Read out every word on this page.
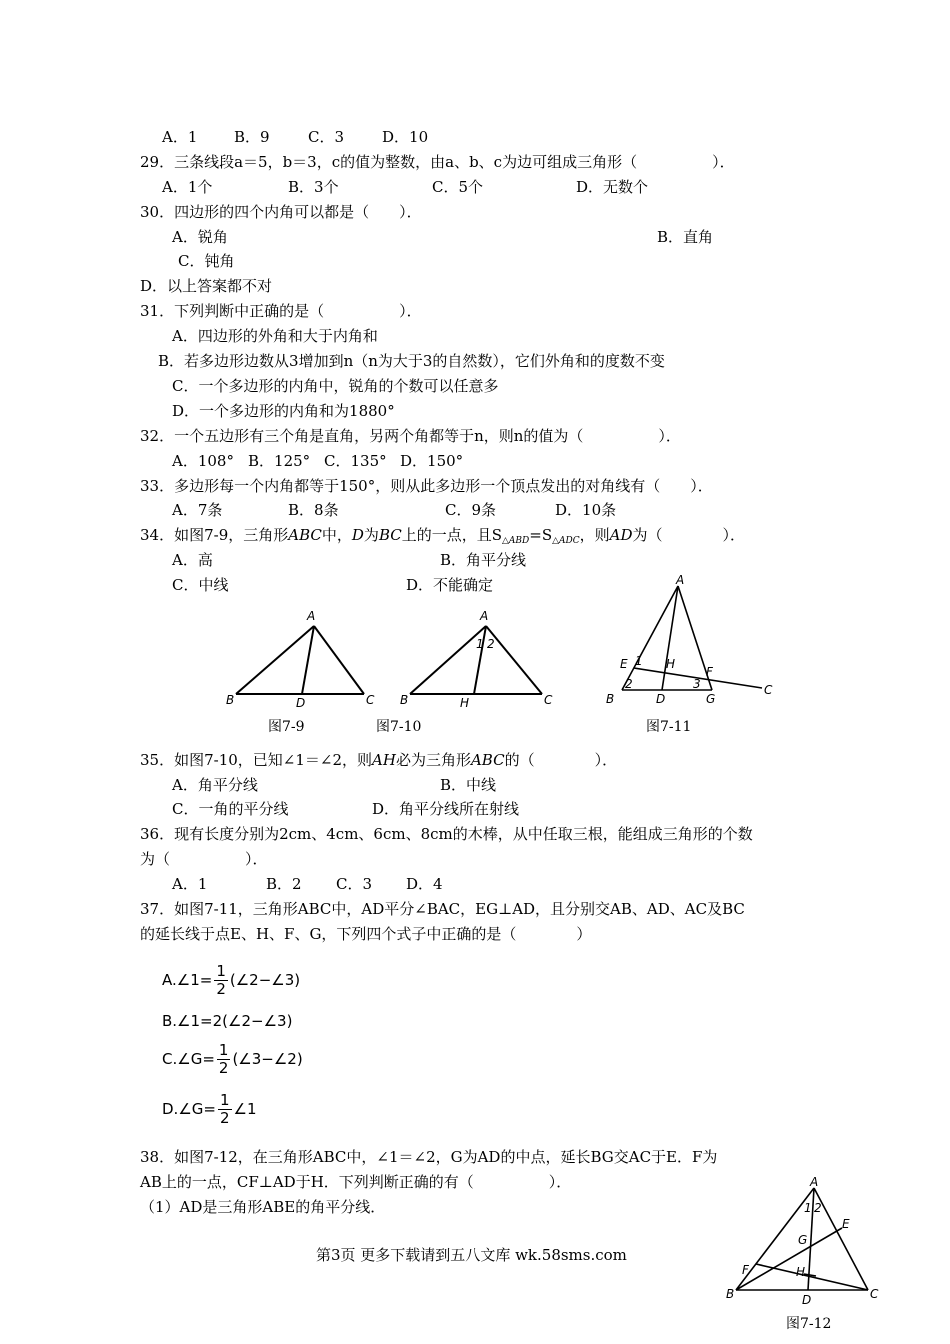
A．1 B．9	C．3	D．10
29．三条线段a＝5，b＝3，c的值为整数，由a、b、c为边可组成三角形（　　　　　）．
A．1个	B．3个	C．5个	D．无数个
30．四边形的四个内角可以都是（　　）．
A．锐角	B．直角
C．钝角
D．以上答案都不对
31．下列判断中正确的是（　　　　　）．
A．四边形的外角和大于内角和
B．若多边形边数从3增加到n（n为大于3的自然数），它们外角和的度数不变
C．一个多边形的内角中，锐角的个数可以任意多
D．一个多边形的内角和为1880°
32．一个五边形有三个角是直角，另两个角都等于n，则n的值为（　　　　　）．
A．108° B．125° C．135° D．150°
33．多边形每一个内角都等于150°，则从此多边形一个顶点发出的对角线有（　　）．
A．7条	B．8条	C．9条	D．10条
34．如图7-9，三角形ABC中，D为BC上的一点，且$S_{\triangle ABD}=S_{\triangle ADC}$，则AD为（　　　　）．
A．高	B．角平分线
C．中线	D．不能确定
A
B	D	C
图7-9
A
B	H	C
1 2
图7-10
A
E 1 H
F
2	3
B	D	G
C
图7-11
35．如图7-10，已知∠1＝∠2，则AH必为三角形ABC的（　　　　）．
A．角平分线	B．中线
C．一角的平分线	D．角平分线所在射线
36．现有长度分别为2cm、4cm、6cm、8cm的木棒，从中任取三根，能组成三角形的个数
为（　　　　　）．
A．1	B．2 C．3 D．4
37．如图7-11，三角形ABC中，AD平分∠BAC，EG⊥AD，且分别交AB、AD、AC及BC
的延长线于点E、H、F、G，下列四个式子中正确的是（　　　　）
A.∠1= $\frac{1}{2}$ (∠2−∠3)
B.∠1=2(∠2−∠3)
C.∠G= $\frac{1}{2}$ (∠3−∠2)
D.∠G= $\frac{1}{2}$ ∠1
38．如图7-12，在三角形ABC中，∠1＝∠2，G为AD的中点，延长BG交AC于E．F为
AB上的一点，CF⊥AD于H．下列判断正确的有（　　　　　）．
（1）AD是三角形ABE的角平分线．
第3页 更多下载请到五八文库 wk.58sms.com
A
1 2
E
G
F	H
B	D	C
图7-12
